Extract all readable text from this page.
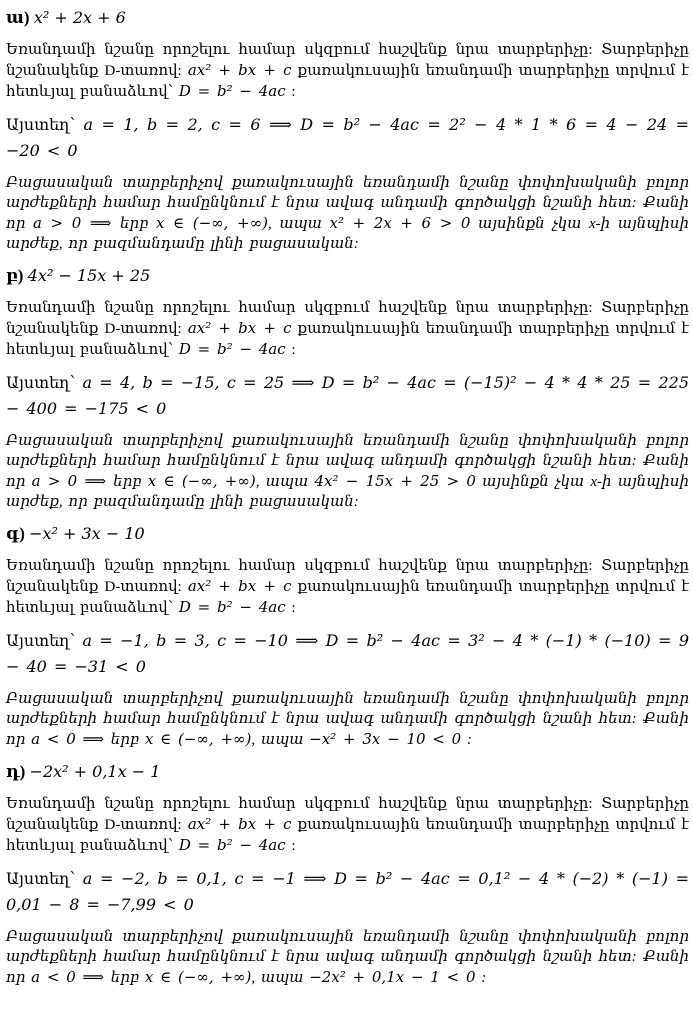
ա) x² + 2x + 6
Եռանդամի նշանը որոշելու համար սկզբում հաշվենք նրա տարբերիչը: Տարբերիչը նշանակենք D-տառով: ax² + bx + c քառակուսային եռանդամի տարբերիչը տրվում է հետևյալ բանաձևով՝ D = b² − 4ac :
Այստեղ՝ a = 1, b = 2, c = 6 ⟹ D = b² − 4ac = 2² − 4 * 1 * 6 = 4 − 24 = −20 < 0
Բացասական տարբերիչով քառակուսային եռանդամի նշանը փոփոխականի բոլոր արժեքների համար համընկնում է նրա ավագ անդամի գործակցի նշանի հետ: Քանի որ a > 0 ⟹ երբ x ∈ (−∞, +∞), ապա x² + 2x + 6 > 0 այսինքն չկա x-ի այնպիսի արժեք, որ բազմանդամը լինի բացասական:
բ) 4x² − 15x + 25
Եռանդամի նշանը որոշելու համար սկզբում հաշվենք նրա տարբերիչը: Տարբերիչը նշանակենք D-տառով: ax² + bx + c քառակուսային եռանդամի տարբերիչը տրվում է հետևյալ բանաձևով՝ D = b² − 4ac :
Այստեղ՝ a = 4, b = −15, c = 25 ⟹ D = b² − 4ac = (−15)² − 4 * 4 * 25 = 225 − 400 = −175 < 0
Բացասական տարբերիչով քառակուսային եռանդամի նշանը փոփոխականի բոլոր արժեքների համար համընկնում է նրա ավագ անդամի գործակցի նշանի հետ: Քանի որ a > 0 ⟹ երբ x ∈ (−∞, +∞), ապա 4x² − 15x + 25 > 0 այսինքն չկա x-ի այնպիսի արժեք, որ բազմանդամը լինի բացասական:
գ) −x² + 3x − 10
Եռանդամի նշանը որոշելու համար սկզբում հաշվենք նրա տարբերիչը: Տարբերիչը նշանակենք D-տառով: ax² + bx + c քառակուսային եռանդամի տարբերիչը տրվում է հետևյալ բանաձևով՝ D = b² − 4ac :
Այստեղ՝ a = −1, b = 3, c = −10 ⟹ D = b² − 4ac = 3² − 4 * (−1) * (−10) = 9 − 40 = −31 < 0
Բացասական տարբերիչով քառակուսային եռանդամի նշանը փոփոխականի բոլոր արժեքների համար համընկնում է նրա ավագ անդամի գործակցի նշանի հետ: Քանի որ a < 0 ⟹ երբ x ∈ (−∞, +∞), ապա −x² + 3x − 10 < 0 :
դ) −2x² + 0,1x − 1
Եռանդամի նշանը որոշելու համար սկզբում հաշվենք նրա տարբերիչը: Տարբերիչը նշանակենք D-տառով: ax² + bx + c քառակուսային եռանդամի տարբերիչը տրվում է հետևյալ բանաձևով՝ D = b² − 4ac :
Այստեղ՝ a = −2, b = 0,1, c = −1 ⟹ D = b² − 4ac = 0,1² − 4 * (−2) * (−1) = 0,01 − 8 = −7,99 < 0
Բացասական տարբերիչով քառակուսային եռանդամի նշանը փոփոխականի բոլոր արժեքների համար համընկնում է նրա ավագ անդամի գործակցի նշանի հետ: Քանի որ a < 0 ⟹ երբ x ∈ (−∞, +∞), ապա −2x² + 0,1x − 1 < 0 :
